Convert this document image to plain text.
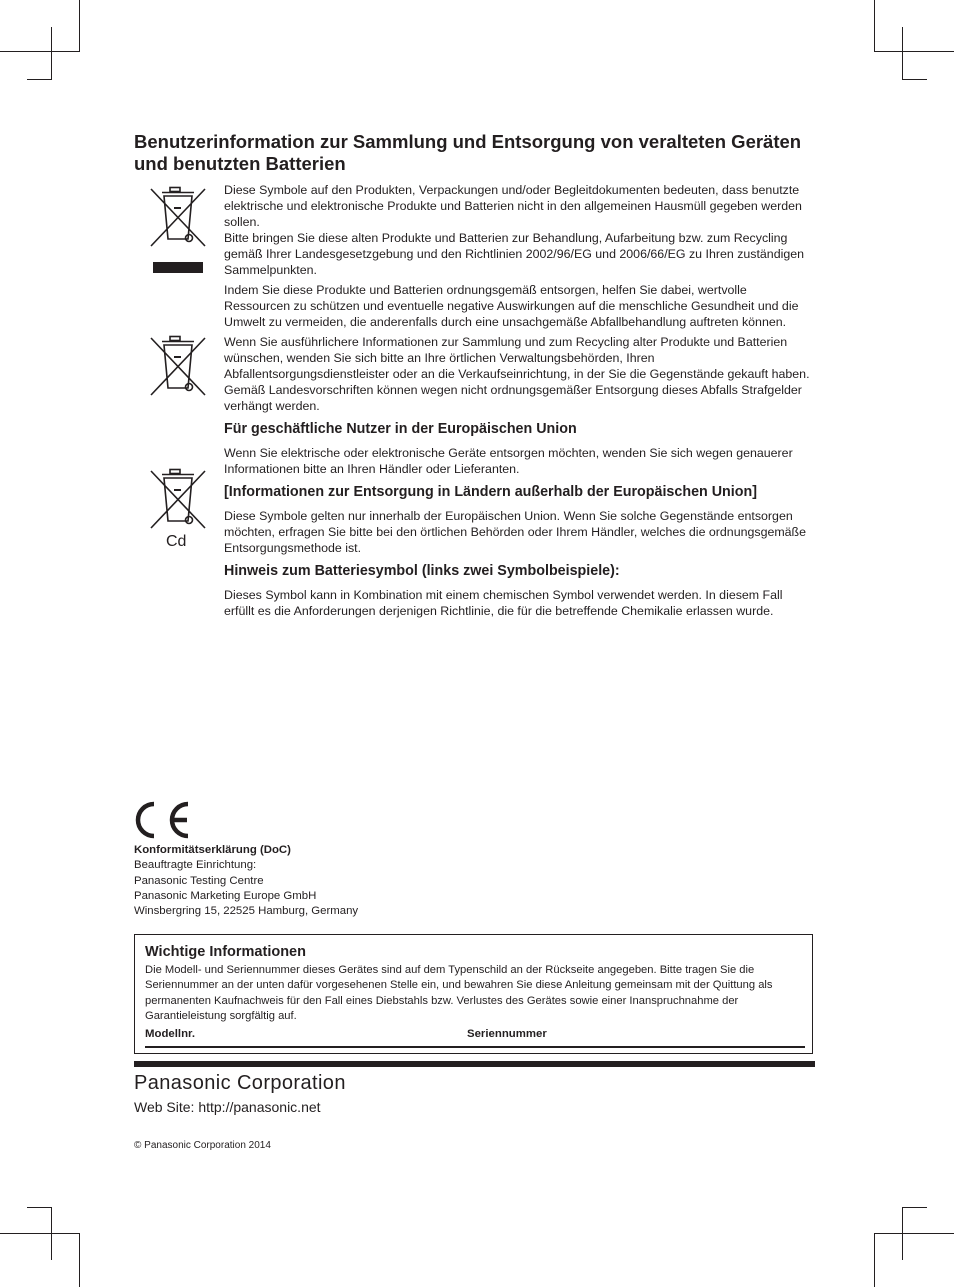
Benutzerinformation zur Sammlung und Entsorgung von veralteten Geräten und benutzten Batterien
Cd

Diese Symbole auf den Produkten, Verpackungen und/oder Begleitdokumenten bedeuten, dass benutzte elektrische und elektronische Produkte und Batterien nicht in den allgemeinen Hausmüll gegeben werden sollen.

Bitte bringen Sie diese alten Produkte und Batterien zur Behandlung, Aufarbeitung bzw. zum Recycling gemäß Ihrer Landesgesetzgebung und den Richtlinien 2002/96/EG und 2006/66/EG zu Ihren zuständigen Sammelpunkten.

Indem Sie diese Produkte und Batterien ordnungsgemäß entsorgen, helfen Sie dabei, wertvolle Ressourcen zu schützen und eventuelle negative Auswirkungen auf die menschliche Gesundheit und die Umwelt zu vermeiden, die anderenfalls durch eine unsachgemäße Abfallbehandlung auftreten können.

Wenn Sie ausführlichere Informationen zur Sammlung und zum Recycling alter Produkte und Batterien wünschen, wenden Sie sich bitte an Ihre örtlichen Verwaltungsbehörden, Ihren Abfallentsorgungsdienstleister oder an die Verkaufseinrichtung, in der Sie die Gegenstände gekauft haben. Gemäß Landesvorschriften können wegen nicht ordnungsgemäßer Entsorgung dieses Abfalls Strafgelder verhängt werden.

Für geschäftliche Nutzer in der Europäischen Union

Wenn Sie elektrische oder elektronische Geräte entsorgen möchten, wenden Sie sich wegen genauerer Informationen bitte an Ihren Händler oder Lieferanten.

[Informationen zur Entsorgung in Ländern außerhalb der Europäischen Union]

Diese Symbole gelten nur innerhalb der Europäischen Union. Wenn Sie solche Gegenstände entsorgen möchten, erfragen Sie bitte bei den örtlichen Behörden oder Ihrem Händler, welches die ordnungsgemäße Entsorgungsmethode ist.

Hinweis zum Batteriesymbol (links zwei Symbolbeispiele):

Dieses Symbol kann in Kombination mit einem chemischen Symbol verwendet werden. In diesem Fall erfüllt es die Anforderungen derjenigen Richtlinie, die für die betreffende Chemikalie erlassen wurde.

Konformitätserklärung (DoC)
Beauftragte Einrichtung:
Panasonic Testing Centre
Panasonic Marketing Europe GmbH
Winsbergring 15, 22525 Hamburg, Germany
Wichtige Informationen
Die Modell- und Seriennummer dieses Gerätes sind auf dem Typenschild an der Rückseite angegeben. Bitte tragen Sie die Seriennummer an der unten dafür vorgesehenen Stelle ein, und bewahren Sie diese Anleitung gemeinsam mit der Quittung als permanenten Kaufnachweis für den Fall eines Diebstahls bzw. Verlustes des Gerätes sowie einer Inanspruchnahme der Garantieleistung sorgfältig auf.
Modellnr.	Seriennummer
Panasonic Corporation
Web Site: http://panasonic.net
© Panasonic Corporation 2014
